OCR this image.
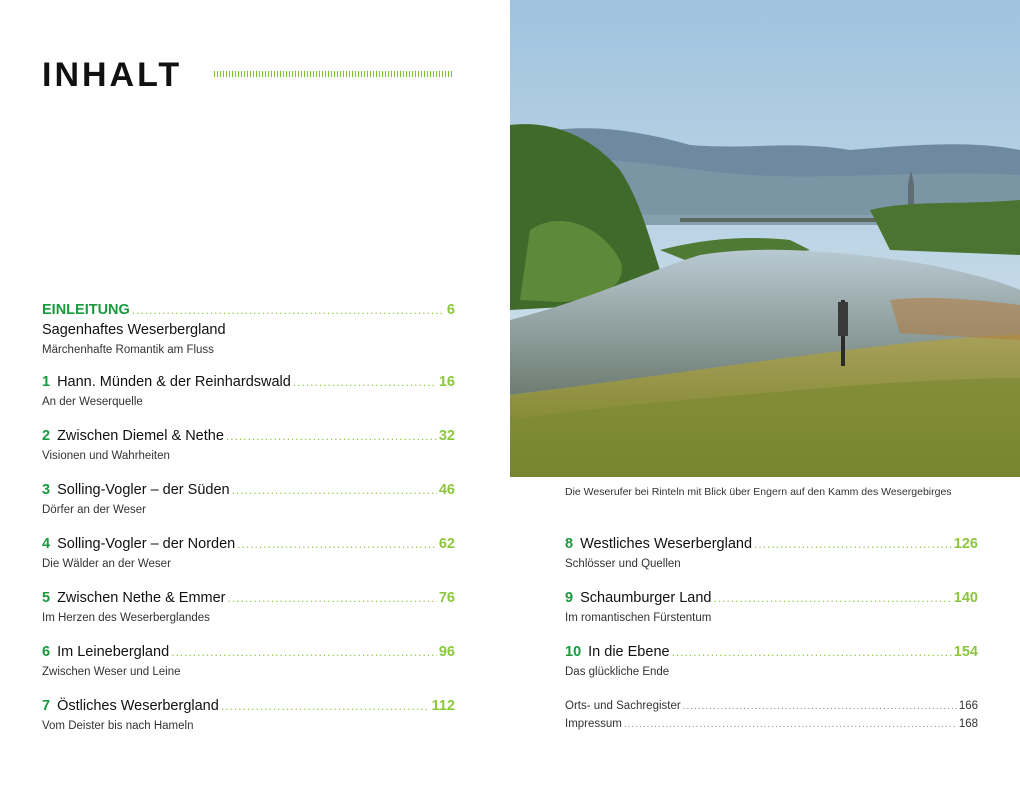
INHALT
EINLEITUNG .....	6
Sagenhaftes Weserbergland
Märchenhafte Romantik am Fluss
1 Hann. Münden & der Reinhardswald .....	16
An der Weserquelle
2 Zwischen Diemel & Nethe .....	32
Visionen und Wahrheiten
3 Solling-Vogler – der Süden .....	46
Dörfer an der Weser
4 Solling-Vogler – der Norden .....	62
Die Wälder an der Weser
5 Zwischen Nethe & Emmer .....	76
Im Herzen des Weserberglandes
6 Im Leinebergland .....	96
Zwischen Weser und Leine
7 Östliches Weserbergland .....	112
Vom Deister bis nach Hameln
Die Weserufer bei Rinteln mit Blick über Engern auf den Kamm des Wesergebirges
8 Westliches Weserbergland .....	126
Schlösser und Quellen
9 Schaumburger Land .....	140
Im romantischen Fürstentum
10 In die Ebene .....	154
Das glückliche Ende
Orts- und Sachregister .....	166
Impressum .....	168
